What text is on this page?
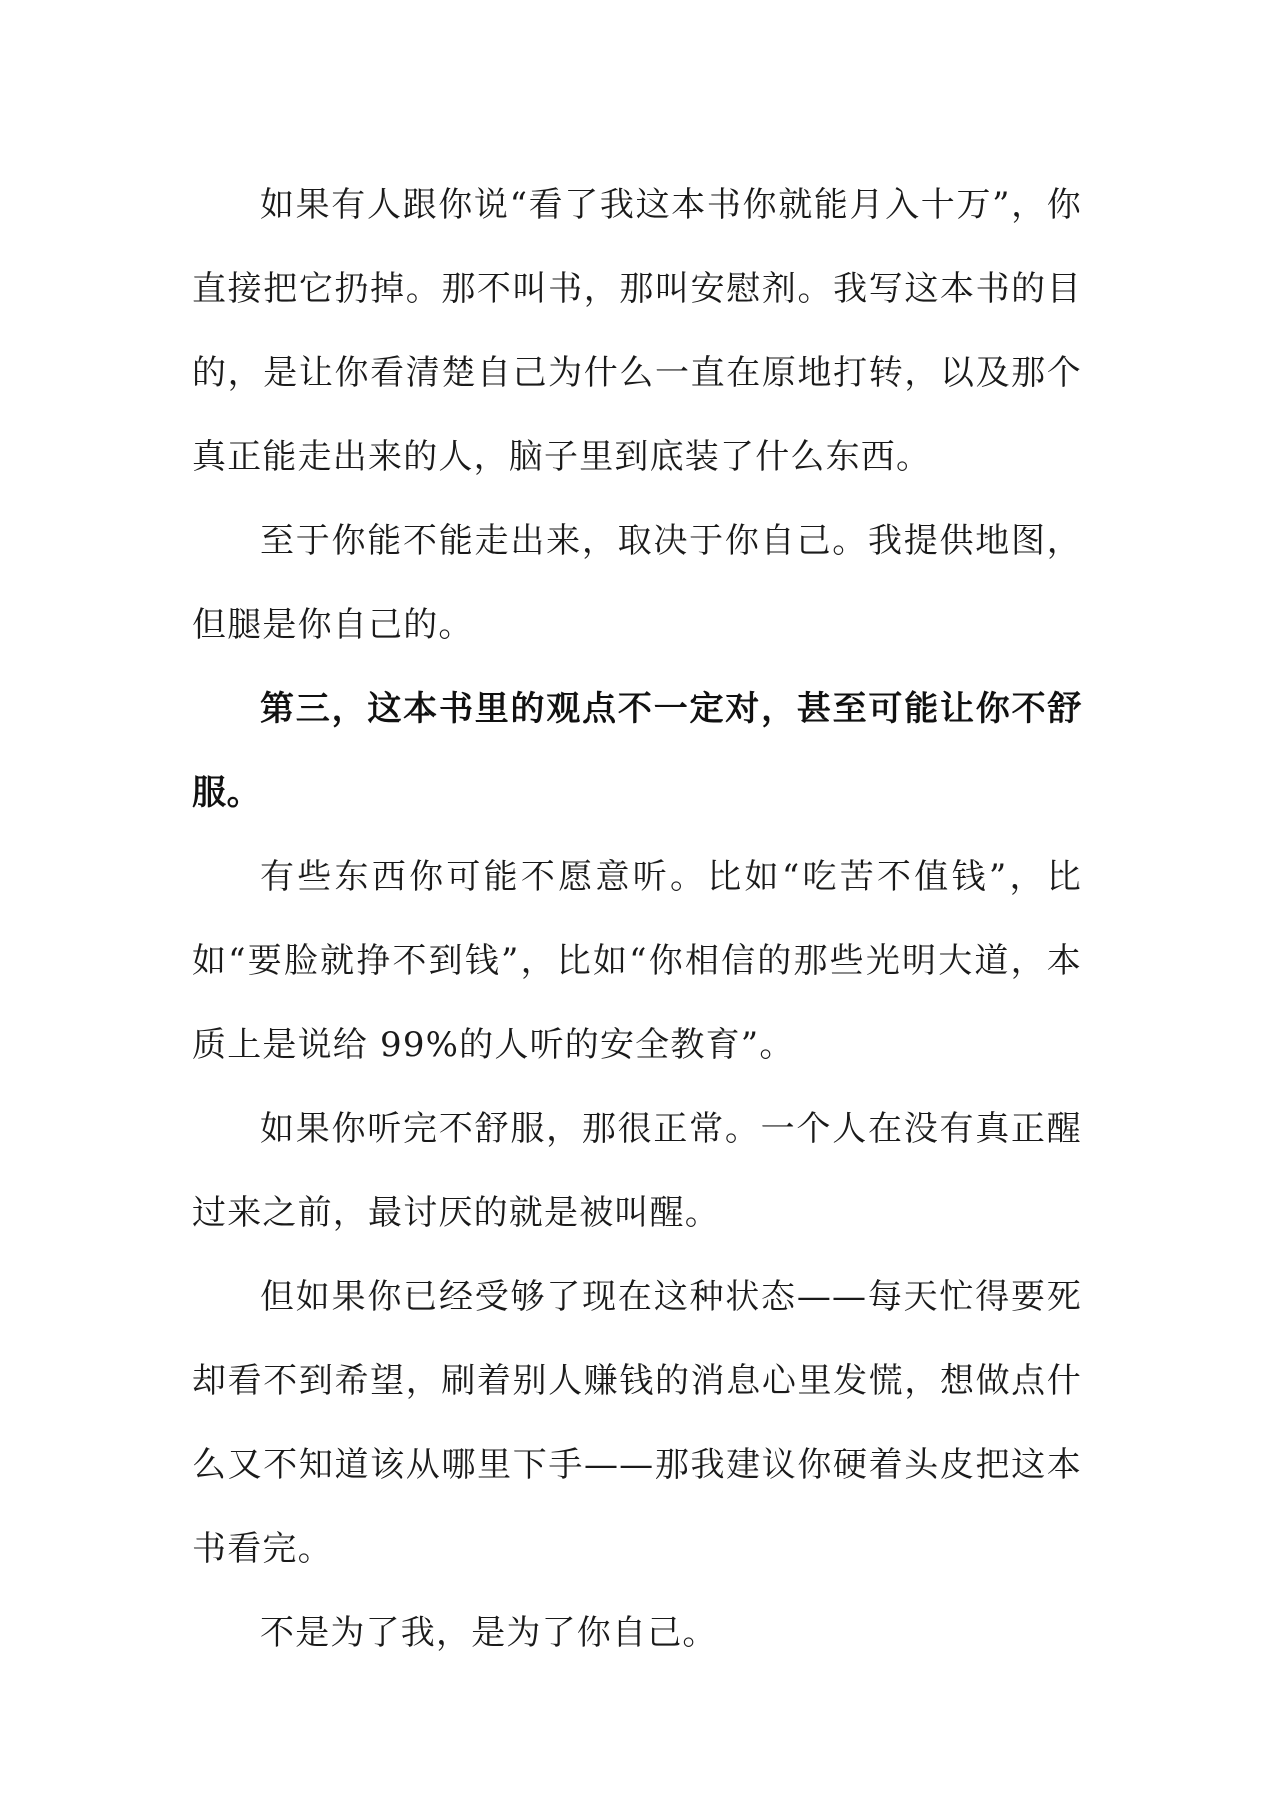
如果有人跟你说“看了我这本书你就能月入十万”，你直接把它扔掉。那不叫书，那叫安慰剂。我写这本书的目的，是让你看清楚自己为什么一直在原地打转，以及那个真正能走出来的人，脑子里到底装了什么东西。

至于你能不能走出来，取决于你自己。我提供地图，但腿是你自己的。

第三，这本书里的观点不一定对，甚至可能让你不舒服。

有些东西你可能不愿意听。比如“吃苦不值钱”，比如“要脸就挣不到钱”，比如“你相信的那些光明大道，本质上是说给 99%的人听的安全教育”。

如果你听完不舒服，那很正常。一个人在没有真正醒过来之前，最讨厌的就是被叫醒。

但如果你已经受够了现在这种状态——每天忙得要死却看不到希望，刷着别人赚钱的消息心里发慌，想做点什么又不知道该从哪里下手——那我建议你硬着头皮把这本书看完。

不是为了我，是为了你自己。
